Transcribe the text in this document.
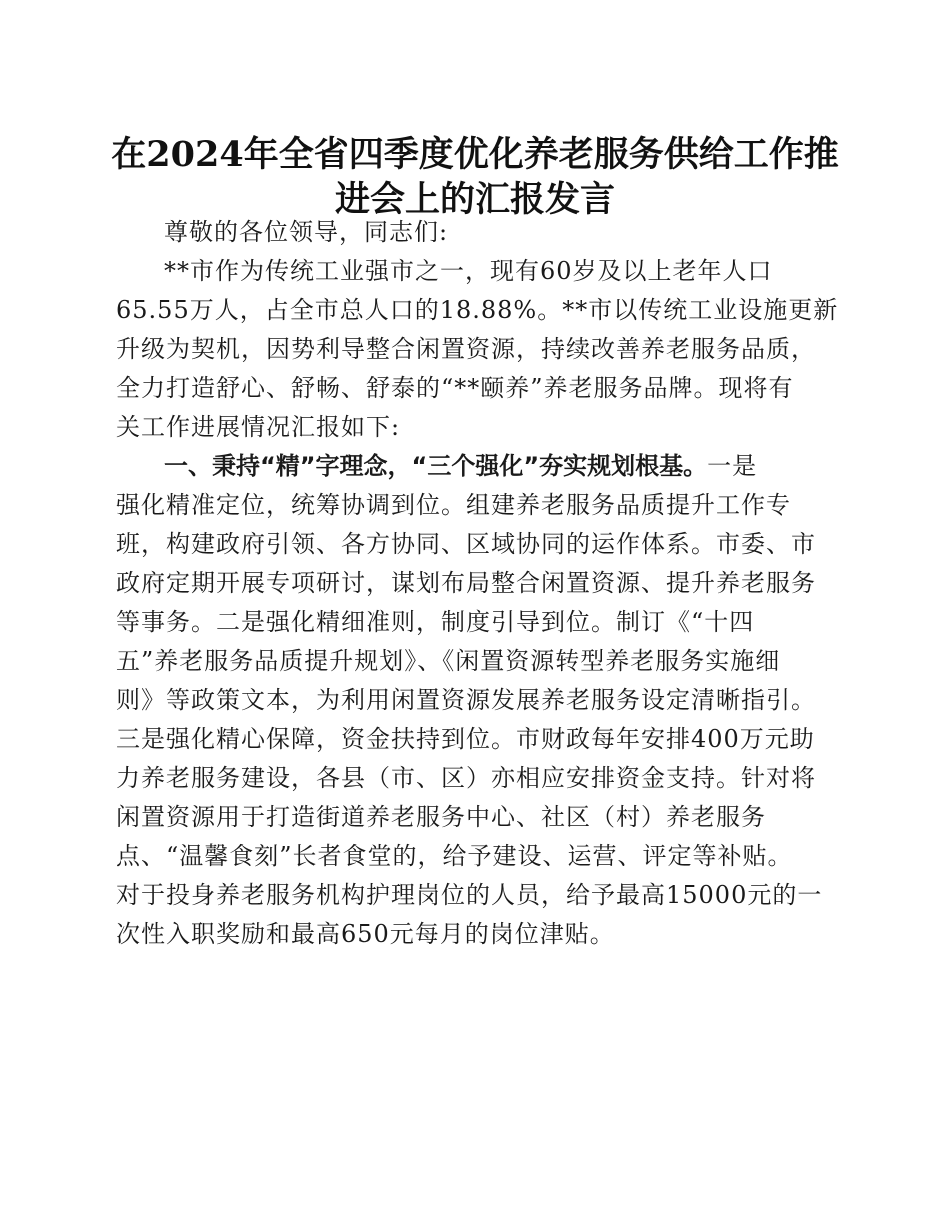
在2024年全省四季度优化养老服务供给工作推
进会上的汇报发言
尊敬的各位领导，同志们:
**市作为传统工业强市之一，现有60岁及以上老年人口
65.55万人，占全市总人口的18.88%。**市以传统工业设施更新
升级为契机，因势利导整合闲置资源，持续改善养老服务品质，
全力打造舒心、舒畅、舒泰的“**颐养”养老服务品牌。现将有
关工作进展情况汇报如下:
一、秉持“精”字理念，“三个强化”夯实规划根基。一是
强化精准定位，统筹协调到位。组建养老服务品质提升工作专
班，构建政府引领、各方协同、区域协同的运作体系。市委、市
政府定期开展专项研讨，谋划布局整合闲置资源、提升养老服务
等事务。二是强化精细准则，制度引导到位。制订《“十四
五”养老服务品质提升规划》、《闲置资源转型养老服务实施细
则》等政策文本，为利用闲置资源发展养老服务设定清晰指引。
三是强化精心保障，资金扶持到位。市财政每年安排400万元助
力养老服务建设，各县（市、区）亦相应安排资金支持。针对将
闲置资源用于打造街道养老服务中心、社区（村）养老服务
点、“温馨食刻”长者食堂的，给予建设、运营、评定等补贴。
对于投身养老服务机构护理岗位的人员，给予最高15000元的一
次性入职奖励和最高650元每月的岗位津贴。
